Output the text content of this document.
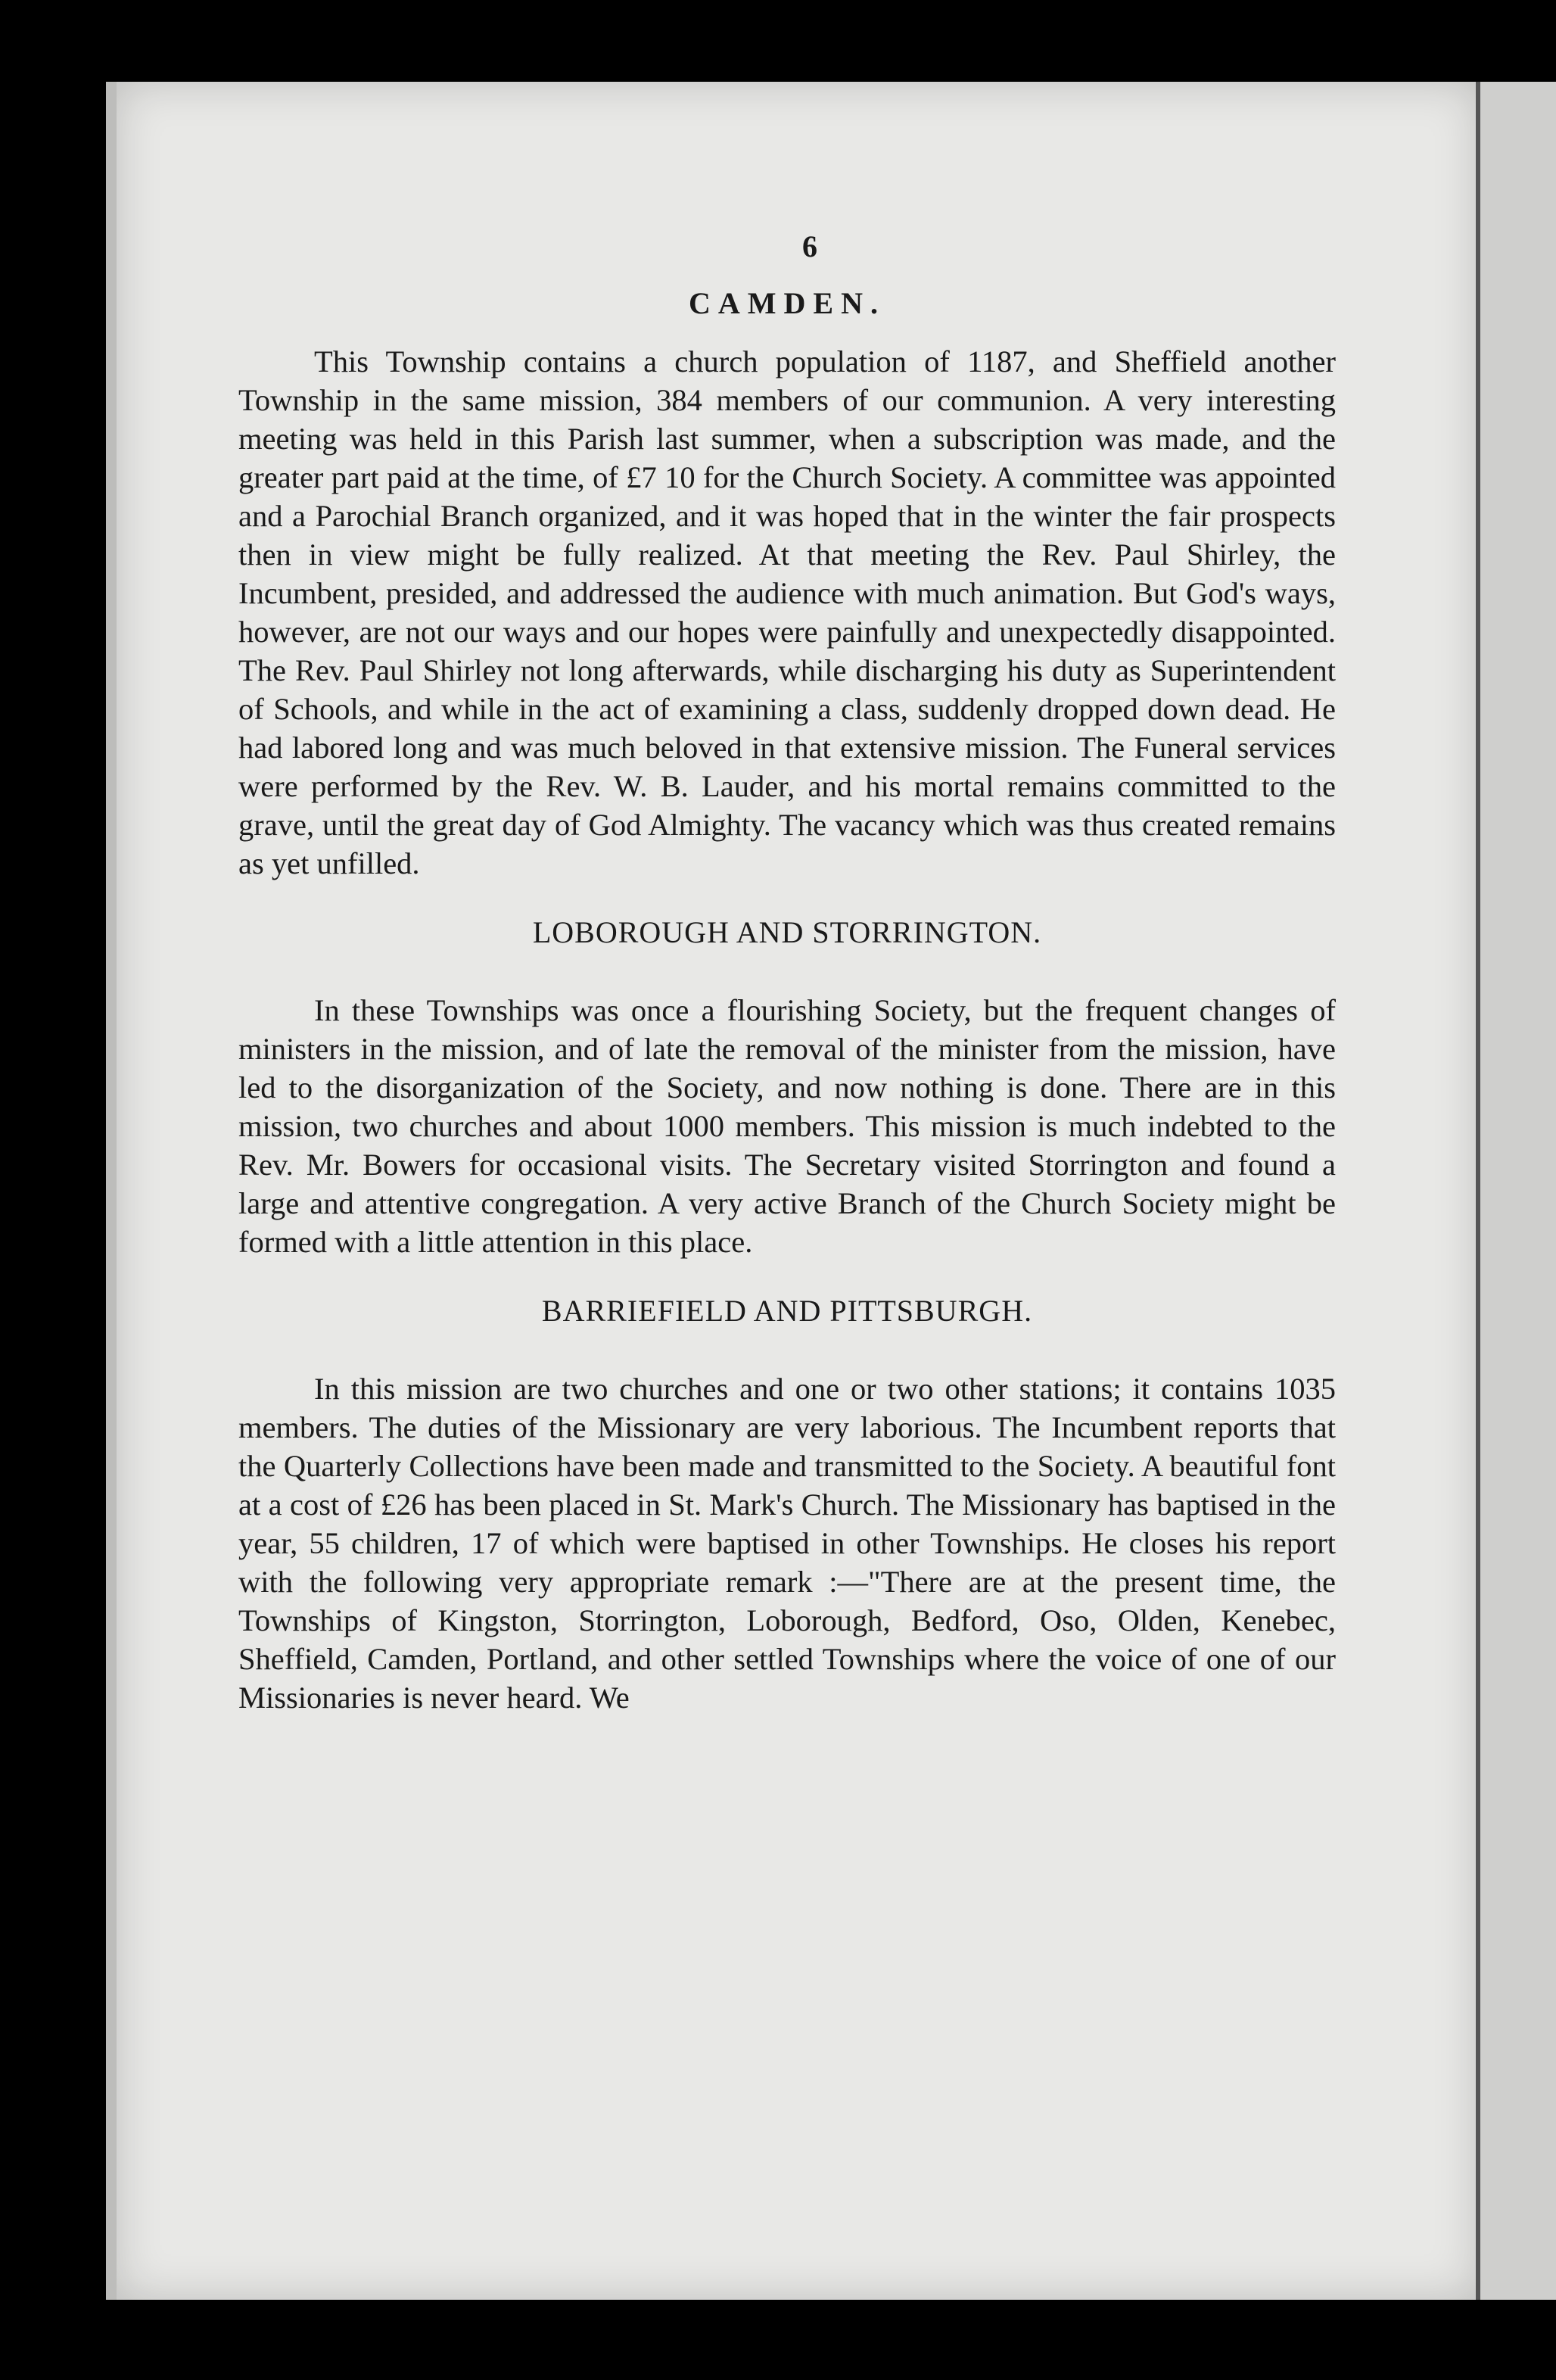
6
CAMDEN.

This Township contains a church population of 1187, and Sheffield another Township in the same mission, 384 members of our communion. A very interesting meeting was held in this Parish last summer, when a subscription was made, and the greater part paid at the time, of £7 10 for the Church Society. A committee was appointed and a Parochial Branch organized, and it was hoped that in the winter the fair prospects then in view might be fully realized. At that meeting the Rev. Paul Shirley, the Incumbent, presided, and addressed the audience with much animation. But God's ways, however, are not our ways and our hopes were painfully and unexpectedly disappointed. The Rev. Paul Shirley not long afterwards, while discharging his duty as Superintendent of Schools, and while in the act of examining a class, suddenly dropped down dead. He had labored long and was much beloved in that extensive mission. The Funeral services were performed by the Rev. W. B. Lauder, and his mortal remains committed to the grave, until the great day of God Almighty. The vacancy which was thus created remains as yet unfilled.

LOBOROUGH AND STORRINGTON.

In these Townships was once a flourishing Society, but the frequent changes of ministers in the mission, and of late the removal of the minister from the mission, have led to the disorganization of the Society, and now nothing is done. There are in this mission, two churches and about 1000 members. This mission is much indebted to the Rev. Mr. Bowers for occasional visits. The Secretary visited Storrington and found a large and attentive congregation. A very active Branch of the Church Society might be formed with a little attention in this place.

BARRIEFIELD AND PITTSBURGH.

In this mission are two churches and one or two other stations; it contains 1035 members. The duties of the Missionary are very laborious. The Incumbent reports that the Quarterly Collections have been made and transmitted to the Society. A beautiful font at a cost of £26 has been placed in St. Mark's Church. The Missionary has baptised in the year, 55 children, 17 of which were baptised in other Townships. He closes his report with the following very appropriate remark :—"There are at the present time, the Townships of Kingston, Storrington, Loborough, Bedford, Oso, Olden, Kenebec, Sheffield, Camden, Portland, and other settled Townships where the voice of one of our Missionaries is never heard. We
